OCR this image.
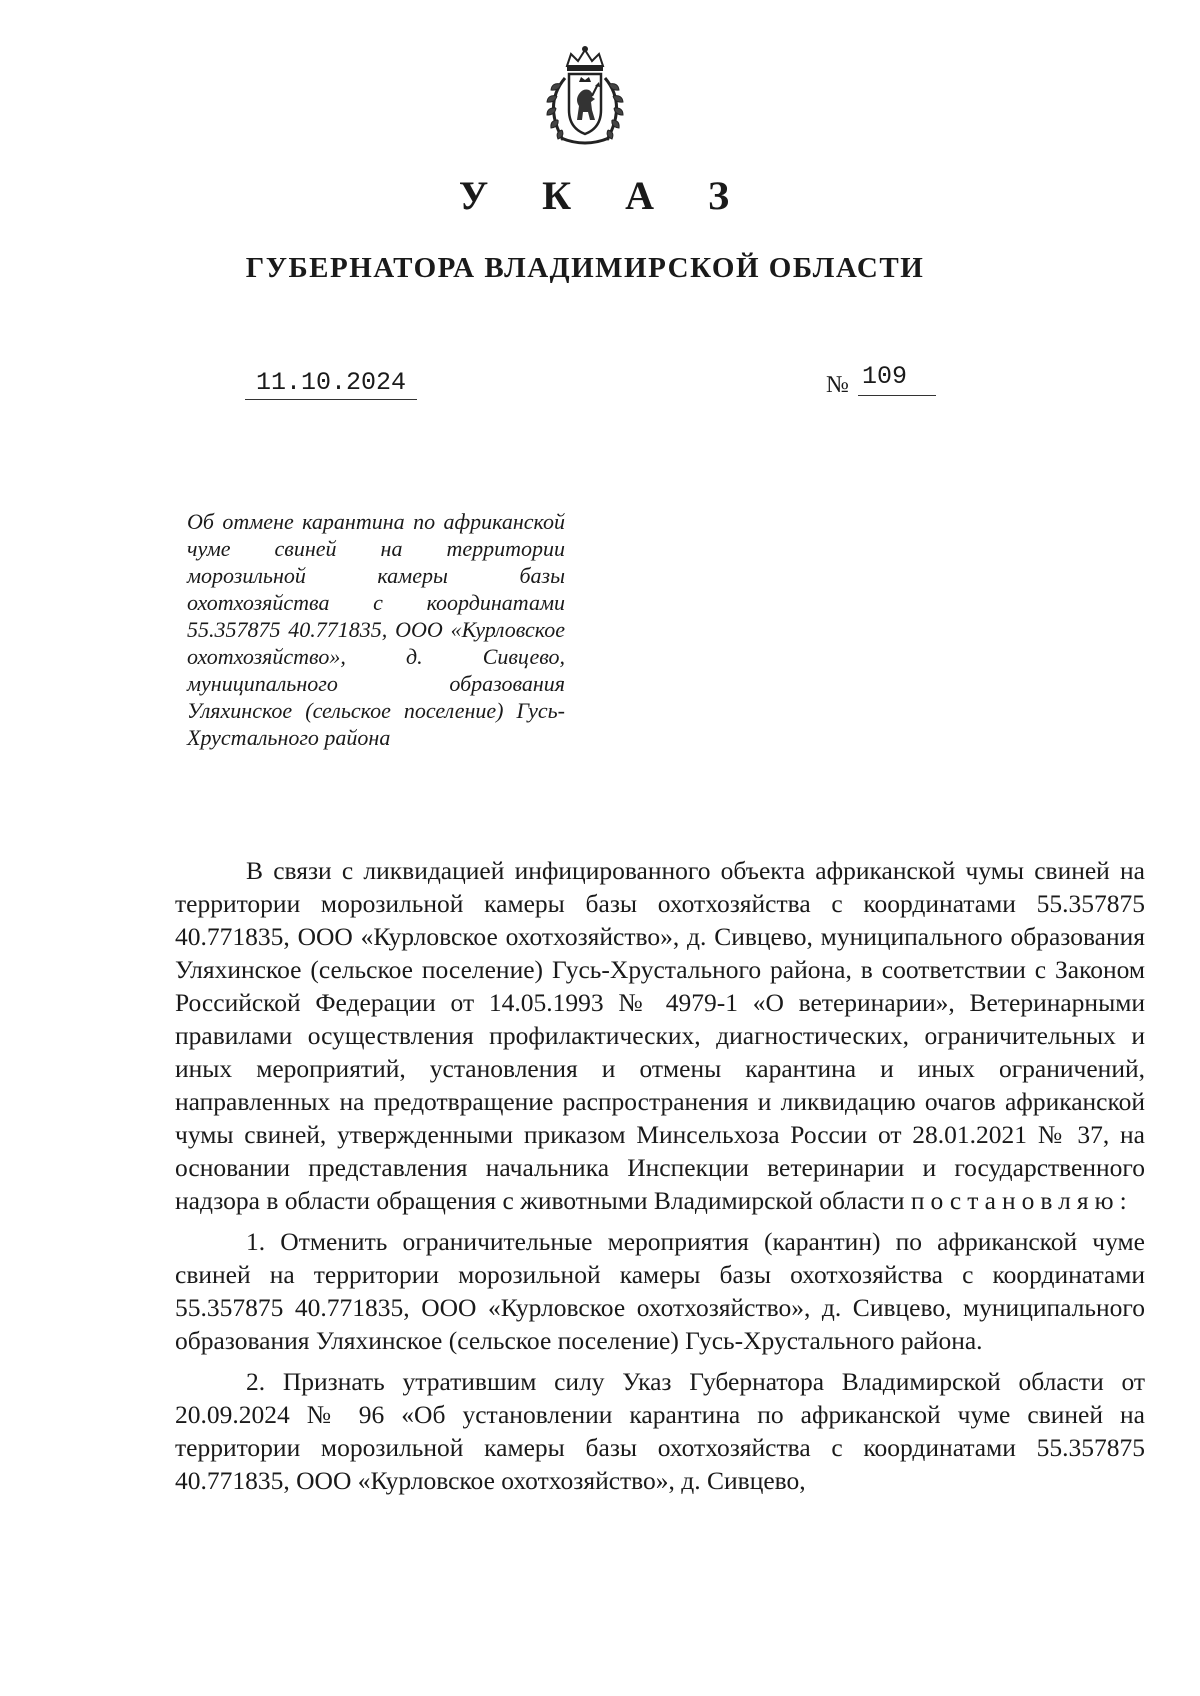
У К А З
ГУБЕРНАТОРА ВЛАДИМИРСКОЙ ОБЛАСТИ
11.10.2024	№ 109
Об отмене карантина по африканской чуме свиней на территории морозильной камеры базы охотхозяйства с координатами 55.357875 40.771835, ООО «Курловское охотхозяйство», д. Сивцево, муниципального образования Уляхинское (сельское поселение) Гусь-Хрустального района

В связи с ликвидацией инфицированного объекта африканской чумы свиней на территории морозильной камеры базы охотхозяйства с координатами 55.357875 40.771835, ООО «Курловское охотхозяйство», д. Сивцево, муниципального образования Уляхинское (сельское поселение) Гусь-Хрустального района, в соответствии с Законом Российской Федерации от 14.05.1993 № 4979-1 «О ветеринарии», Ветеринарными правилами осуществления профилактических, диагностических, ограничительных и иных мероприятий, установления и отмены карантина и иных ограничений, направленных на предотвращение распространения и ликвидацию очагов африканской чумы свиней, утвержденными приказом Минсельхоза России от 28.01.2021 № 37, на основании представления начальника Инспекции ветеринарии и государственного надзора в области обращения с животными Владимирской области постановляю:

1. Отменить ограничительные мероприятия (карантин) по африканской чуме свиней на территории морозильной камеры базы охотхозяйства с координатами 55.357875 40.771835, ООО «Курловское охотхозяйство», д. Сивцево, муниципального образования Уляхинское (сельское поселение) Гусь-Хрустального района.

2. Признать утратившим силу Указ Губернатора Владимирской области от 20.09.2024 № 96 «Об установлении карантина по африканской чуме свиней на территории морозильной камеры базы охотхозяйства с координатами 55.357875 40.771835, ООО «Курловское охотхозяйство», д. Сивцево,
